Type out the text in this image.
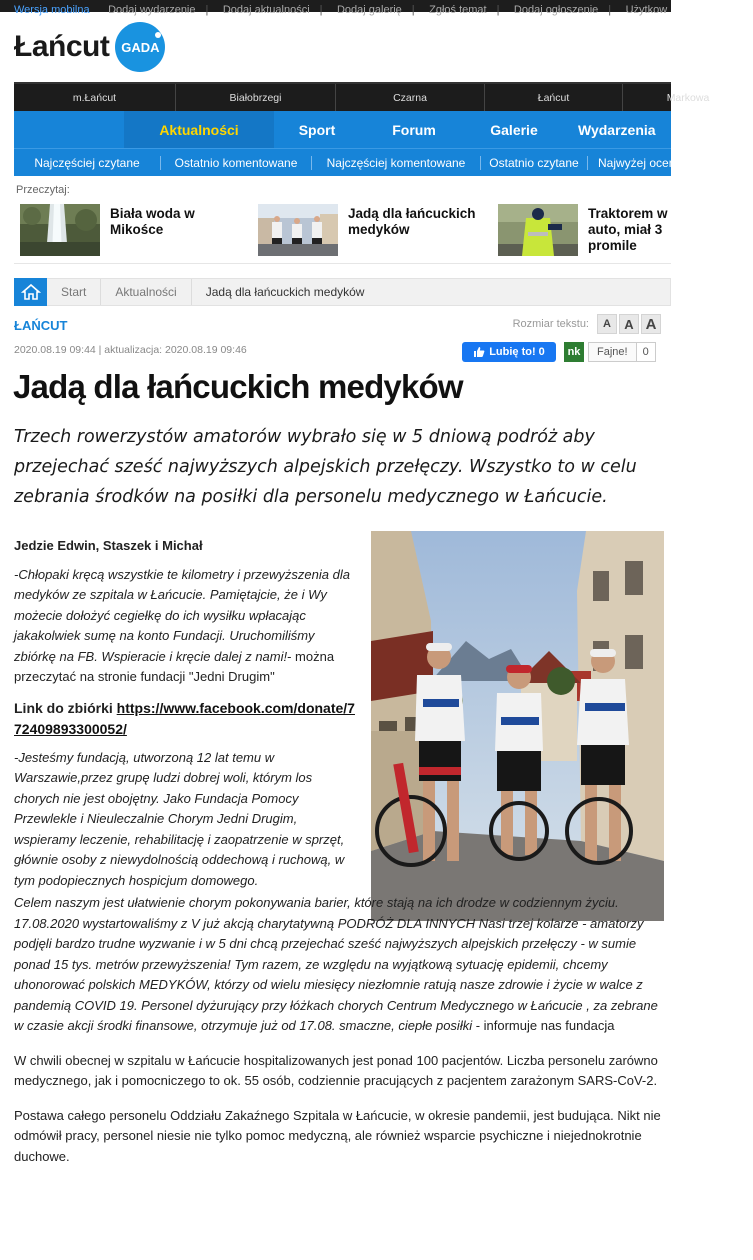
Wersja mobilna Dodaj wydarzenie | Dodaj aktualności | Dodaj galerię | Zgłoś temat | Dodaj ogłoszenie | Użytkow
Łańcut GADA
m.Łańcut	Białobrzegi	Czarna	Łańcut	Markowa
Aktualności	Sport	Forum	Galerie	Wydarzenia
Najczęściej czytane	Ostatnio komentowane	Najczęściej komentowane	Ostatnio czytane	Najwyżej oceniane
Przeczytaj:
Biała woda w Mikośce
Jadą dla łańcuckich medyków
Traktorem w auto, miał 3 promile
Start	Aktualności	Jadą dla łańcuckich medyków
ŁAŃCUT	Rozmiar tekstu:	A	A A
2020.08.19 09:44 | aktualizacja: 2020.08.19 09:46	Lubię to! 0	nk	Fajne!	0
Jadą dla łańcuckich medyków
Trzech rowerzystów amatorów wybrało się w 5 dniową podróż aby przejechać sześć najwyższych alpejskich przełęczy. Wszystko to w celu zebrania środków na posiłki dla personelu medycznego w Łańcucie.
Jedzie Edwin, Staszek i Michał
-Chłopaki kręcą wszystkie te kilometry i przewyższenia dla medyków ze szpitala w Łańcucie. Pamiętajcie, że i Wy możecie dołożyć cegiełkę do ich wysiłku wpłacając jakakolwiek sumę na konto Fundacji. Uruchomiliśmy zbiórkę na FB. Wspieracie i kręcie dalej z nami!- można przeczytać na stronie fundacji "Jedni Drugim"
Link do zbiórki https://www.facebook.com/donate/772409893300052/
-Jesteśmy fundacją, utworzoną 12 lat temu w Warszawie,przez grupę ludzi dobrej woli, którym los chorych nie jest obojętny. Jako Fundacja Pomocy Przewlekle i Nieuleczalnie Chorym Jedni Drugim, wspieramy leczenie, rehabilitację i zaopatrzenie w sprzęt, głównie osoby z niewydolnością oddechową i ruchową, w tym podopiecznych hospicjum domowego.
Celem naszym jest ułatwienie chorym pokonywania barier, które stają na ich drodze w codziennym życiu. 17.08.2020 wystartowaliśmy z V już akcją charytatywną PODRÓŻ DLA INNYCH Nasi trzej kolarze - amatorzy podjęli bardzo trudne wyzwanie i w 5 dni chcą przejechać sześć najwyższych alpejskich przełęczy - w sumie ponad 15 tys. metrów przewyższenia! Tym razem, ze względu na wyjątkową sytuację epidemii, chcemy uhonorować polskich MEDYKÓW, którzy od wielu miesięcy niezłomnie ratują nasze zdrowie i życie w walce z pandemią COVID 19. Personel dyżurujący przy łóżkach chorych Centrum Medycznego w Łańcucie , za zebrane w czasie akcji środki finansowe, otrzymuje już od 17.08. smaczne, ciepłe posiłki - informuje nas fundacja
W chwili obecnej w szpitalu w Łańcucie hospitalizowanych jest ponad 100 pacjentów. Liczba personelu zarówno medycznego, jak i pomocniczego to ok. 55 osób, codziennie pracujących z pacjentem zarażonym SARS-CoV-2.
Postawa całego personelu Oddziału Zakaźnego Szpitala w Łańcucie, w okresie pandemii, jest budująca. Nikt nie odmówił pracy, personel niesie nie tylko pomoc medyczną, ale również wsparcie psychiczne i niejednokrotnie duchowe.
